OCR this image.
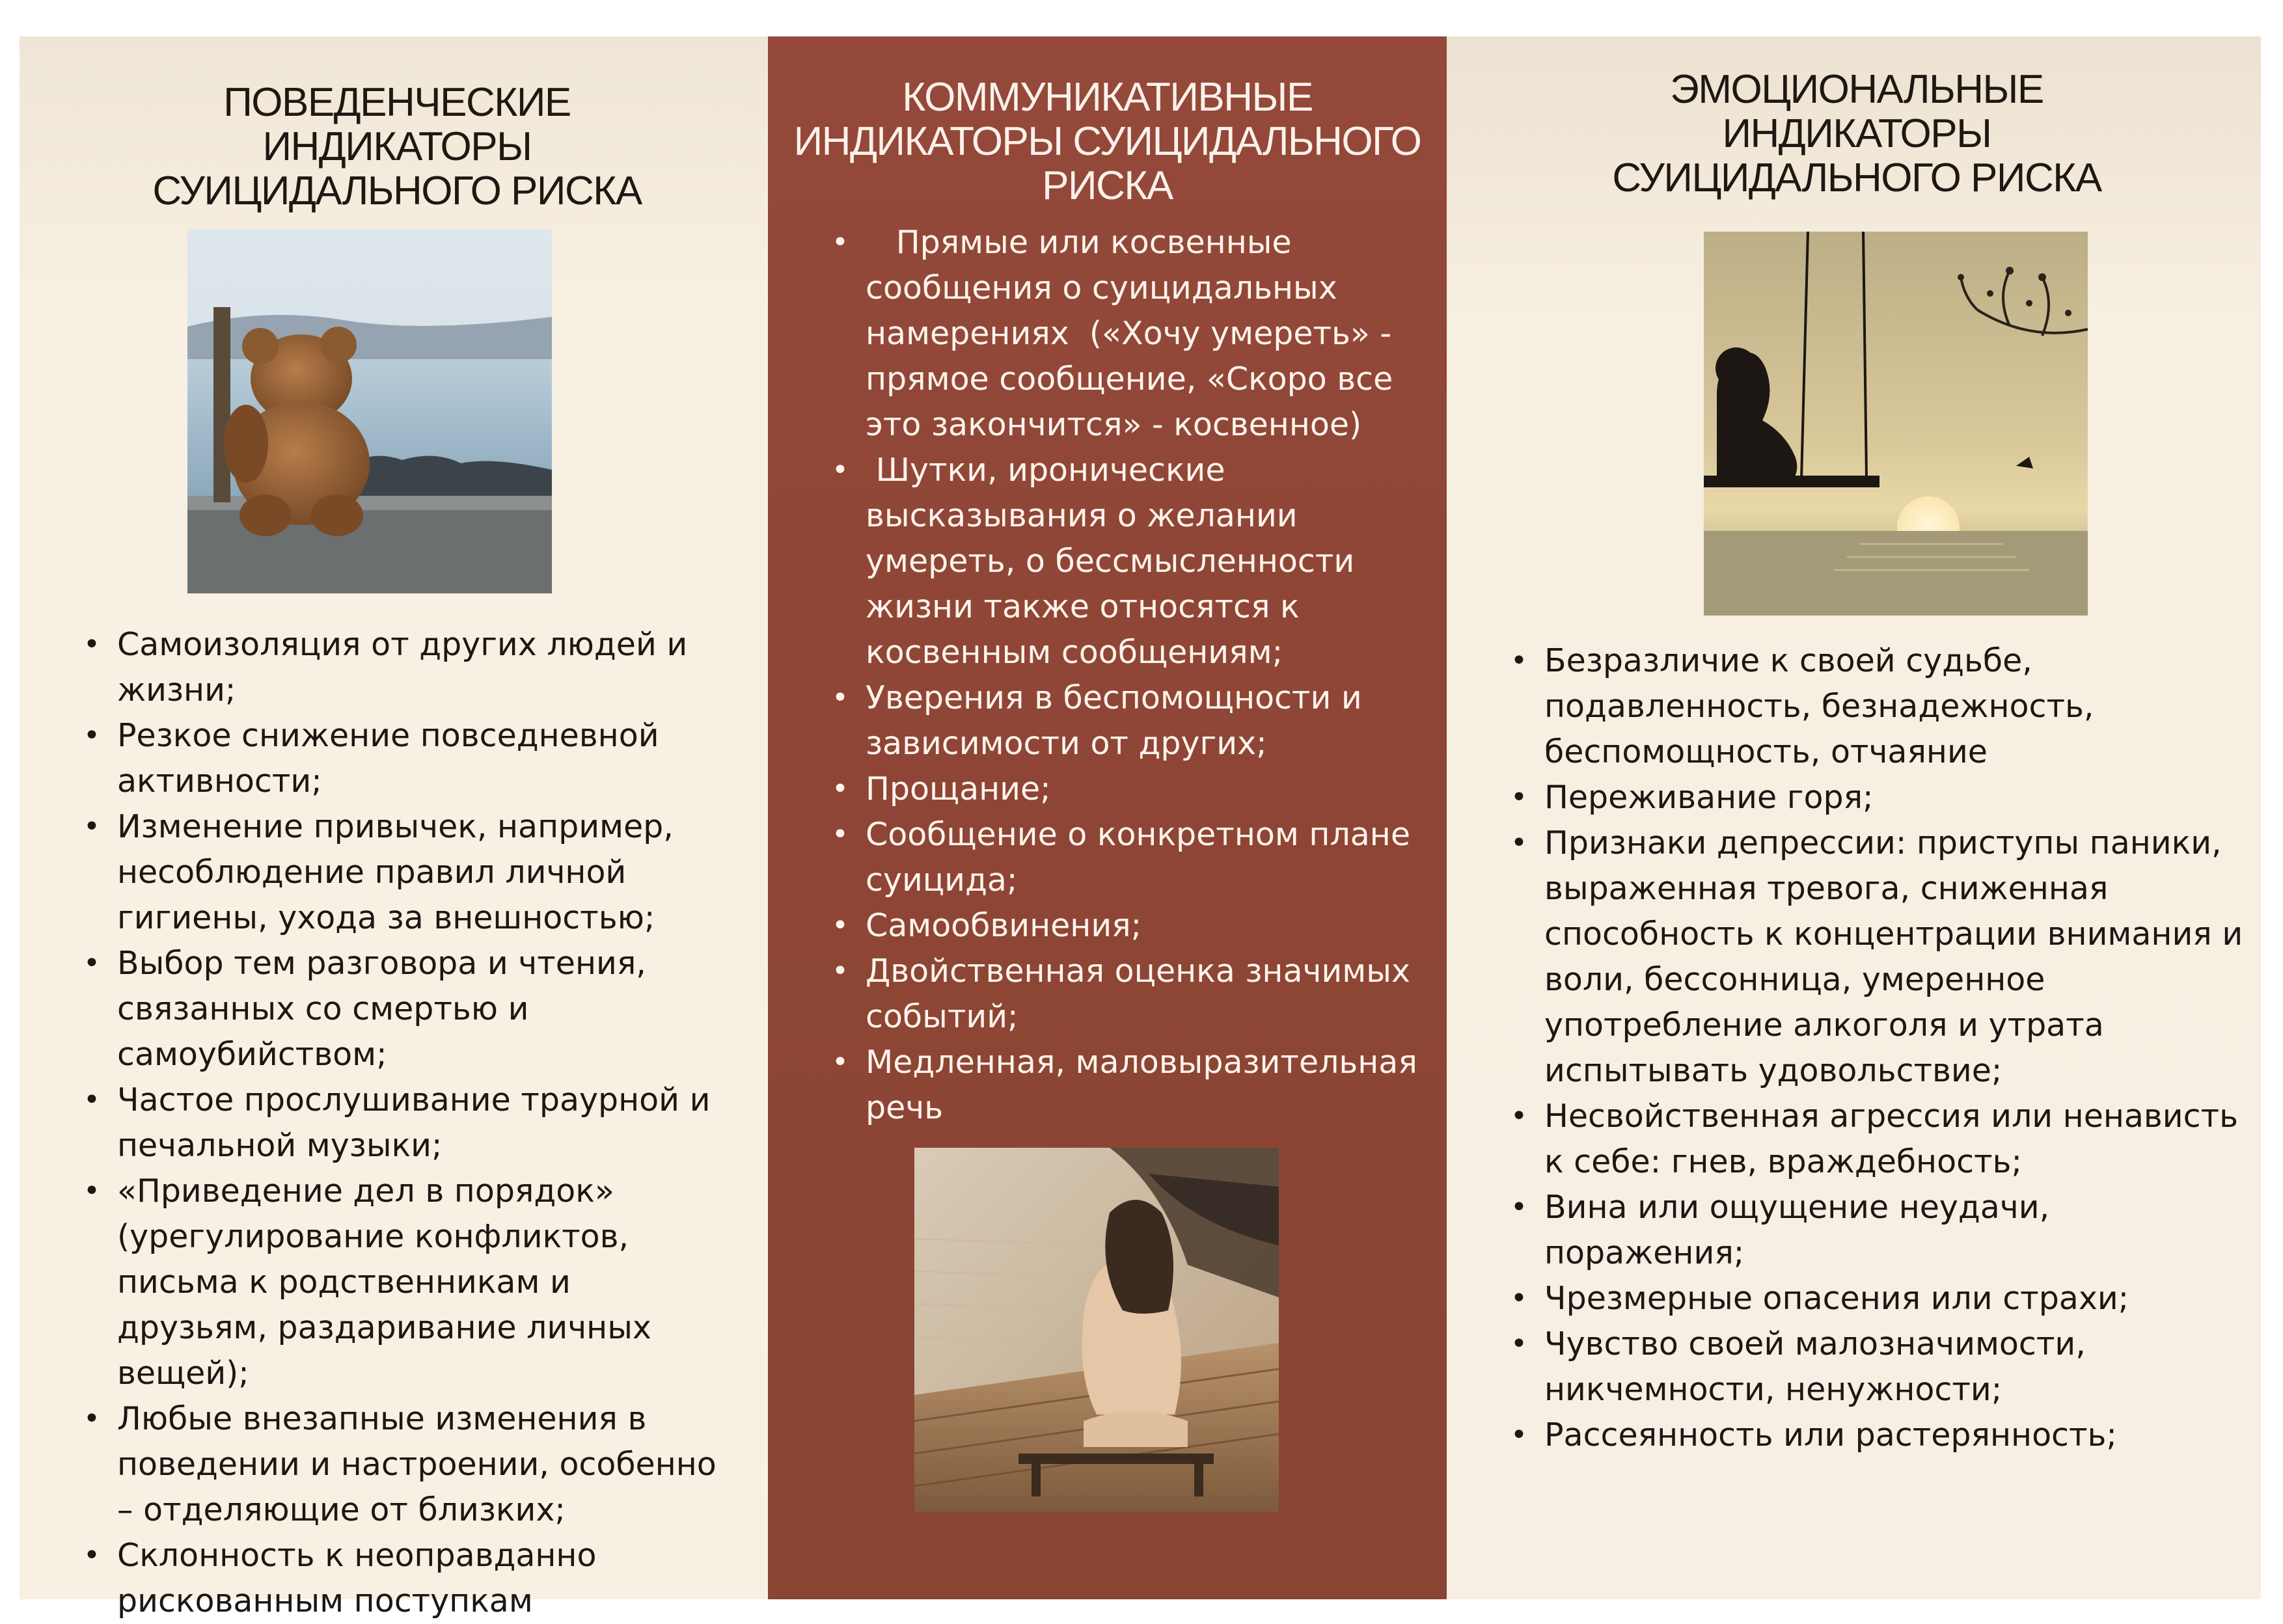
ПОВЕДЕНЧЕСКИЕ ИНДИКАТОРЫ СУИЦИДАЛЬНОГО РИСКА
• Самоизоляция от других людей и жизни;
• Резкое снижение повседневной активности;
• Изменение привычек, например, несоблюдение правил личной гигиены, ухода за внешностью;
• Выбор тем разговора и чтения, связанных со смертью и самоубийством;
• Частое прослушивание траурной и печальной музыки;
• «Приведение дел в порядок» (урегулирование конфликтов, письма к родственникам и друзьям, раздаривание личных вещей);
• Любые внезапные изменения в поведении и настроении, особенно – отделяющие от близких;
• Склонность к неоправданно рискованным поступкам
КОММУНИКАТИВНЫЕ ИНДИКАТОРЫ СУИЦИДАЛЬНОГО РИСКА
•    Прямые или косвенные сообщения о суицидальных намерениях  («Хочу умереть» - прямое сообщение, «Скоро все это закончится» - косвенное)
•  Шутки, иронические высказывания о желании умереть, о бессмысленности жизни также относятся к косвенным сообщениям;
• Уверения в беспомощности и зависимости от других;
• Прощание;
• Сообщение о конкретном плане суицида;
• Самообвинения;
• Двойственная оценка значимых событий;
• Медленная, маловыразительная речь
ЭМОЦИОНАЛЬНЫЕ ИНДИКАТОРЫ СУИЦИДАЛЬНОГО РИСКА
• Безразличие к своей судьбе, подавленность, безнадежность, беспомощность, отчаяние
• Переживание горя;
• Признаки депрессии: приступы паники, выраженная тревога, сниженная способность к концентрации внимания и воли, бессонница, умеренное употребление алкоголя и утрата испытывать удовольствие;
• Несвойственная агрессия или ненависть к себе: гнев, враждебность;
• Вина или ощущение неудачи, поражения;
• Чрезмерные опасения или страхи;
• Чувство своей малозначимости, никчемности, ненужности;
• Рассеянность или растерянность;
